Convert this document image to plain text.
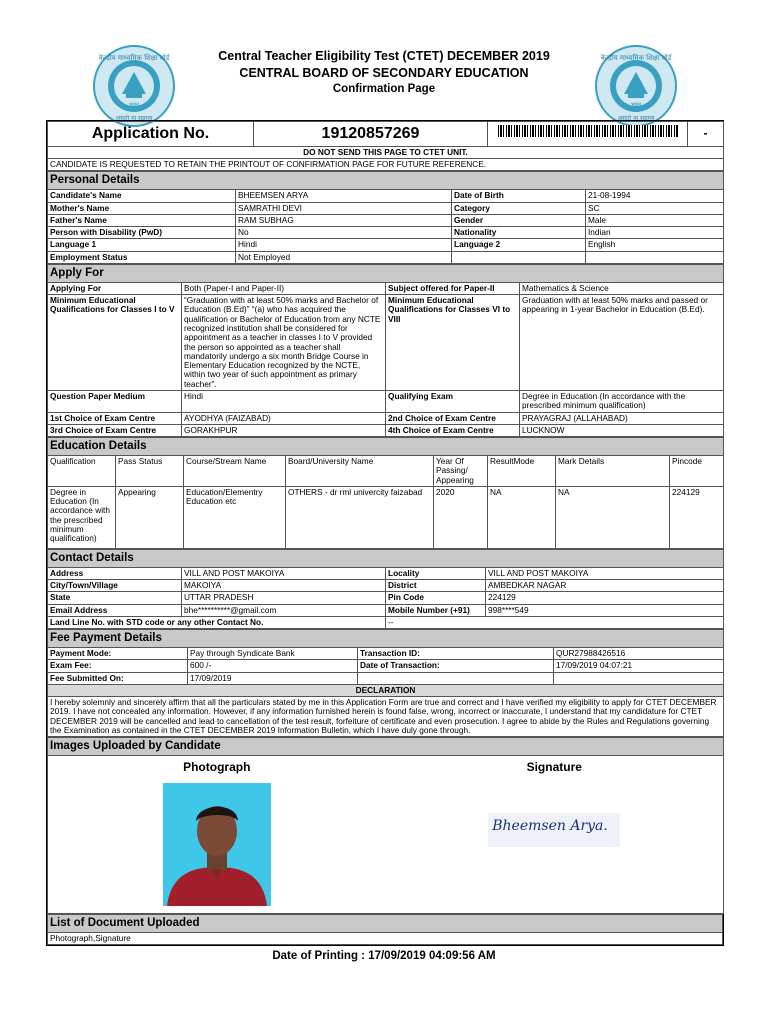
केन्द्रीय माध्यमिक शिक्षा बोर्ड
भारत
असतो मा सद्गमय
Central Teacher Eligibility Test (CTET) DECEMBER 2019
CENTRAL BOARD OF SECONDARY EDUCATION
Confirmation Page
केन्द्रीय माध्यमिक शिक्षा बोर्ड
भारत
असतो मा सद्गमय
Application No.	19120857269		-
DO NOT SEND THIS PAGE TO CTET UNIT.
CANDIDATE IS REQUESTED TO RETAIN THE PRINTOUT OF CONFIRMATION PAGE FOR FUTURE REFERENCE.
Personal Details			
Candidate's Name	BHEEMSEN ARYA	Date of Birth	21-08-1994
Mother's Name	SAMRATHI DEVI	Category	SC
Father's Name	RAM SUBHAG	Gender	Male
Person with Disability (PwD)	No	Nationality	Indian
Language 1	Hindi	Language 2	English
Employment Status	Not Employed		
Apply For			
Applying For	Both (Paper-I and Paper-II)	Subject offered for Paper-II	Mathematics & Science
Minimum Educational Qualifications for Classes I to V	“Graduation with at least 50% marks and Bachelor of Education (B.Ed)” “(a) who has acquired the qualification or Bachelor of Education from any NCTE recognized institution shall be considered for appointment as a teacher in classes I to V provided the person so appointed as a teacher shall mandatorily undergo a six month Bridge Course in Elementary Education recognized by the NCTE, within two year of such appointment as primary teacher”.	Minimum Educational Qualifications for Classes VI to VIII	Graduation with at least 50% marks and passed or appearing in 1-year Bachelor in Education (B.Ed).
Question Paper Medium	Hindi	Qualifying Exam	Degree in Education (In accordance with the prescribed minimum qualification)
1st Choice of Exam Centre	AYODHYA (FAIZABAD)	2nd Choice of Exam Centre	PRAYAGRAJ (ALLAHABAD)
3rd Choice of Exam Centre	GORAKHPUR	4th Choice of Exam Centre	LUCKNOW
Education Details							
Qualification	Pass Status	Course/Stream Name	Board/University Name	Year Of Passing/ Appearing	ResultMode	Mark Details	Pincode
Degree in Education (In accordance with the prescribed minimum qualification)	Appearing	Education/Elementry Education etc	OTHERS - dr rml univercity faizabad	2020	NA	NA	224129
Contact Details			
Address	VILL AND POST MAKOIYA	Locality	VILL AND POST MAKOIYA
City/Town/Village	MAKOIYA	District	AMBEDKAR NAGAR
State	UTTAR PRADESH	Pin Code	224129
Email Address	bhe**********@gmail.com	Mobile Number (+91)	998****549
Land Line No. with STD code or any other Contact No.		--	
Fee Payment Details			
Payment Mode:	Pay through Syndicate Bank	Transaction ID:	QUR27988426516
Exam Fee:	600 /-	Date of Transaction:	17/09/2019 04:07:21
Fee Submitted On:	17/09/2019		
DECLARATION			
I hereby solemnly and sincerely affirm that all the particulars stated by me in this Application Form are true and correct and I have verified my eligibility to apply for CTET DECEMBER 2019. I have not concealed any information. However, if any information furnished herein is found false, wrong, incorrect or inaccurate, I understand that my candidature for CTET DECEMBER 2019 will be cancelled and lead to cancellation of the test result, forfeiture of certificate and even prosecution. I agree to abide by the Rules and Regulations governing the Examination as contained in the CTET DECEMBER 2019 Information Bulletin, which I have duly gone through.			
Images Uploaded by Candidate

Photograph	Signature
Bheemsen Arya.
List of Document Uploaded
Photograph,Signature
Date of Printing : 17/09/2019 04:09:56 AM
